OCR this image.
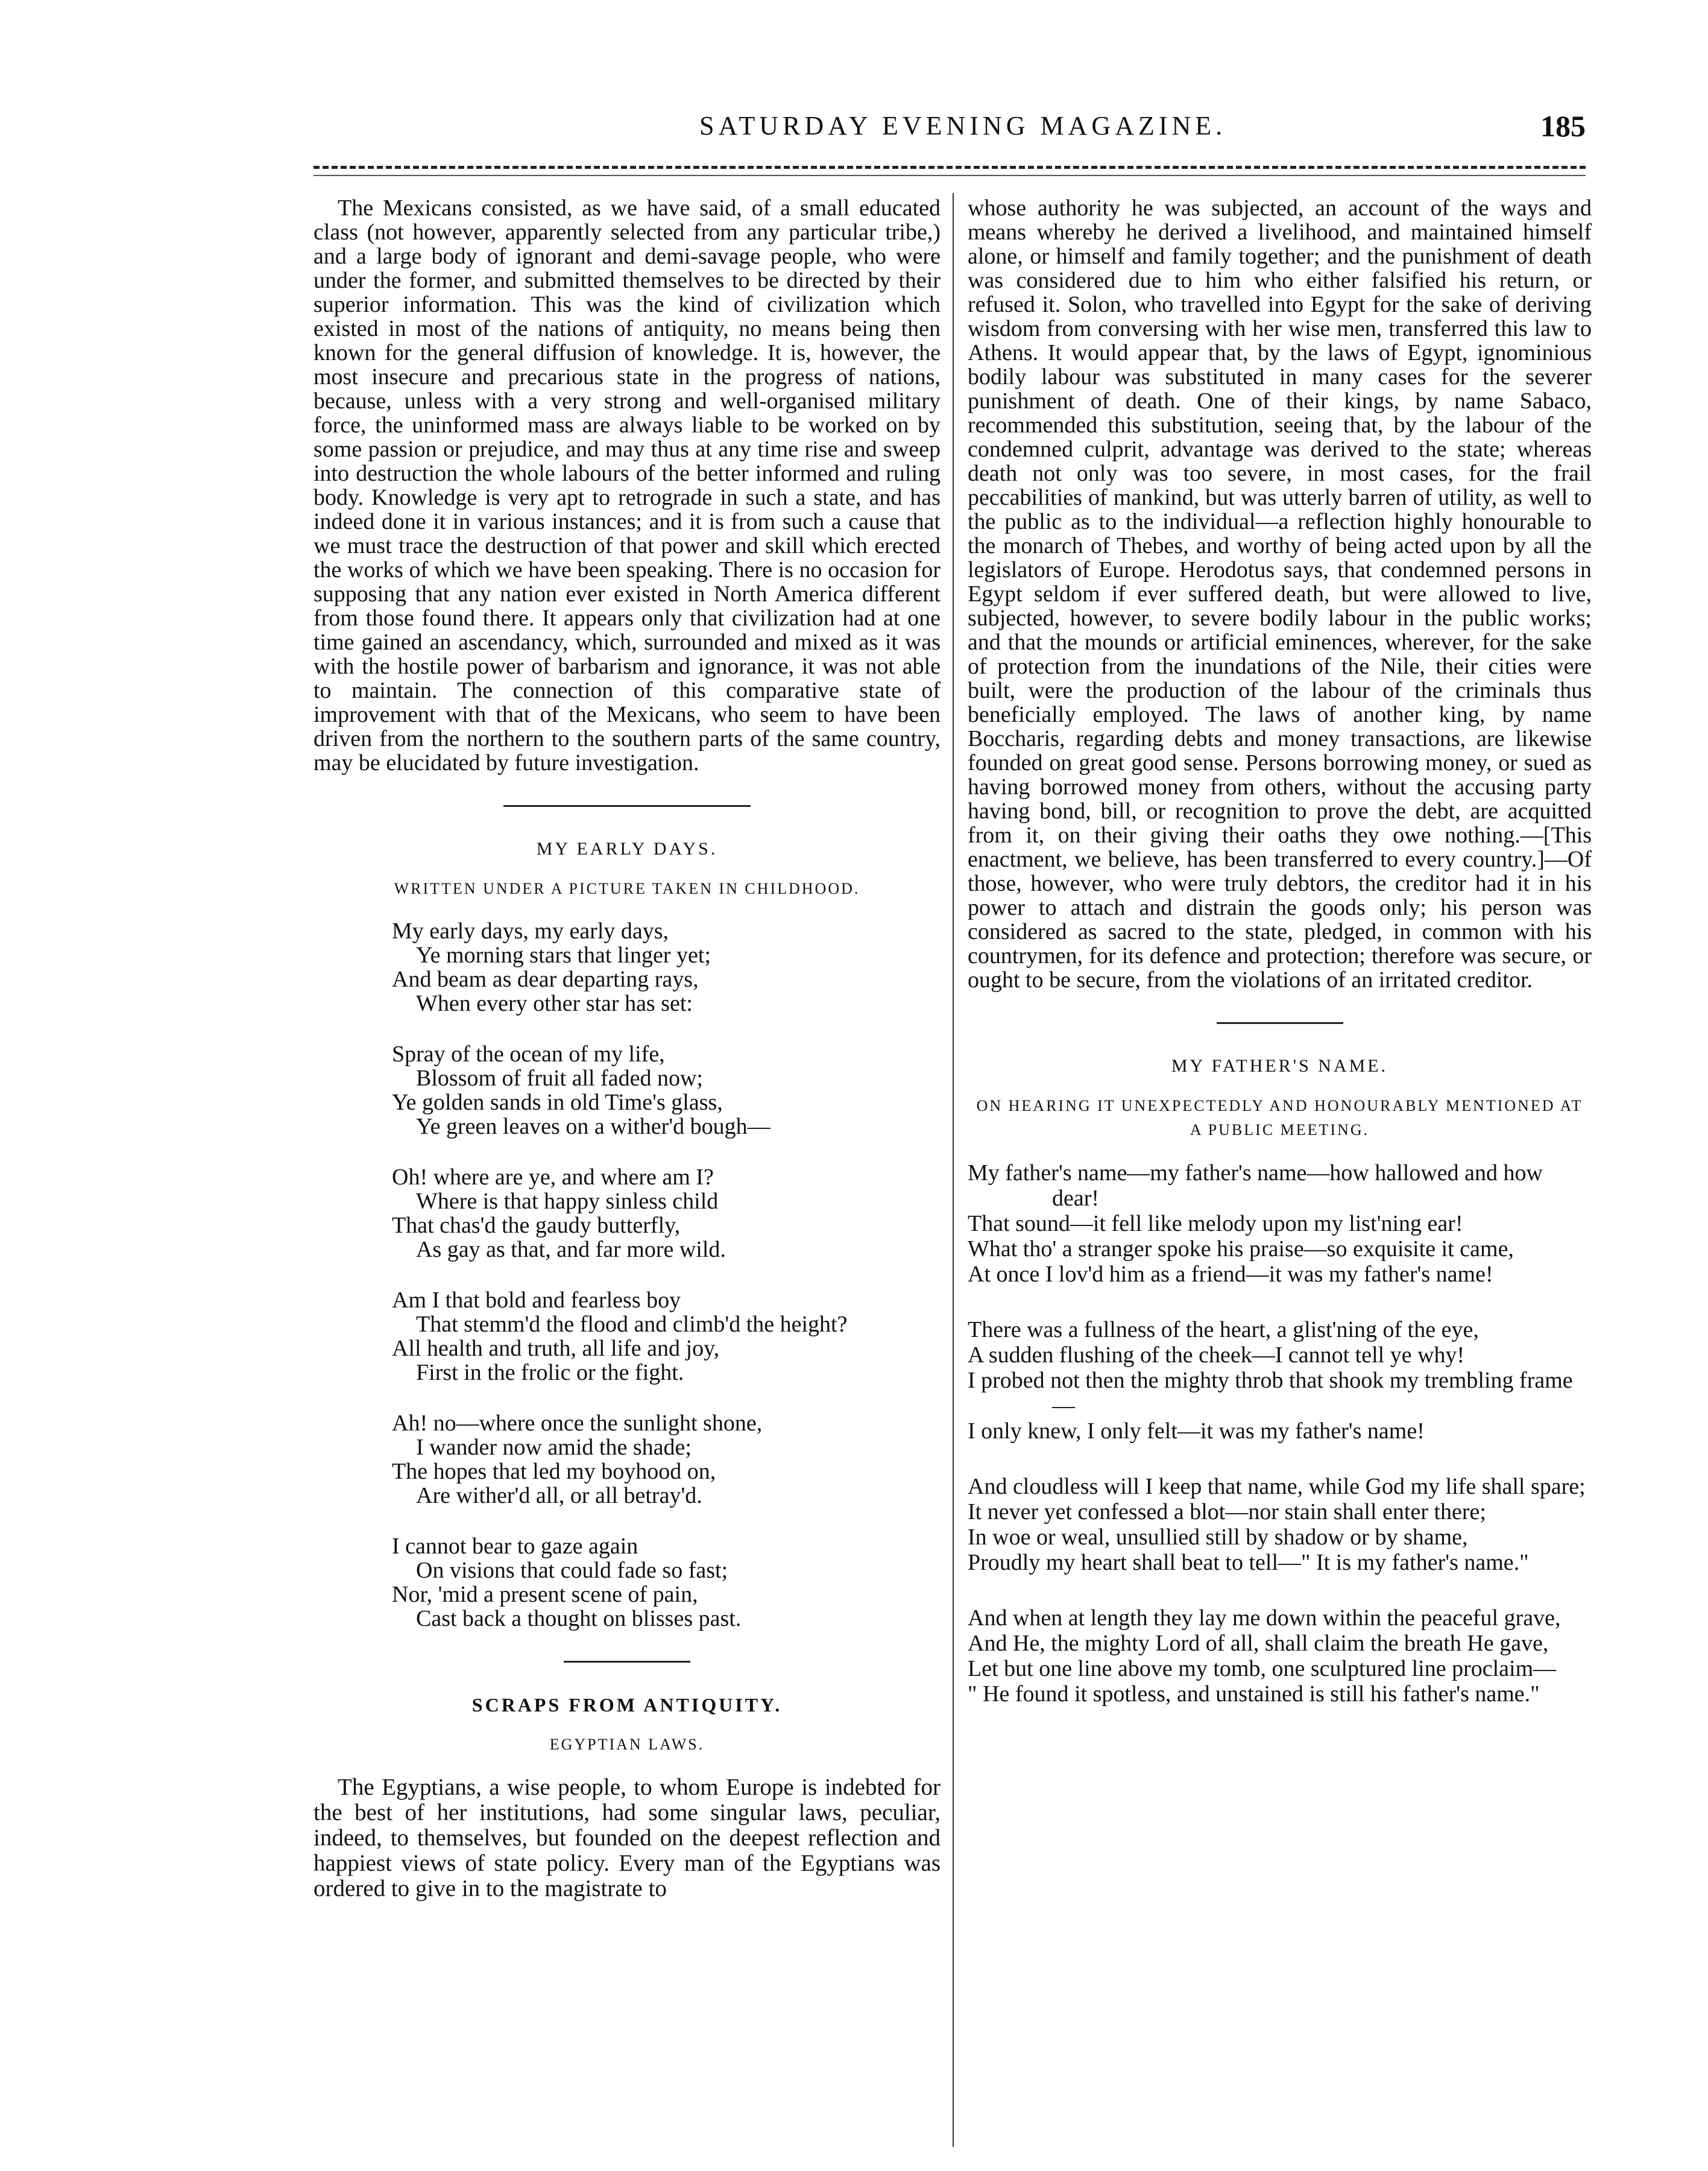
SATURDAY EVENING MAGAZINE.	185

The Mexicans consisted, as we have said, of a small educated class (not however, apparently selected from any particular tribe,) and a large body of ignorant and demi-savage people, who were under the former, and submitted themselves to be directed by their superior information. This was the kind of civilization which existed in most of the nations of antiquity, no means being then known for the general diffusion of knowledge. It is, however, the most insecure and precarious state in the progress of nations, because, unless with a very strong and well-organised military force, the uninformed mass are always liable to be worked on by some passion or prejudice, and may thus at any time rise and sweep into destruction the whole labours of the better informed and ruling body. Knowledge is very apt to retrograde in such a state, and has indeed done it in various instances; and it is from such a cause that we must trace the destruction of that power and skill which erected the works of which we have been speaking. There is no occasion for supposing that any nation ever existed in North America different from those found there. It appears only that civilization had at one time gained an ascendancy, which, surrounded and mixed as it was with the hostile power of barbarism and ignorance, it was not able to maintain. The connection of this comparative state of improvement with that of the Mexicans, who seem to have been driven from the northern to the southern parts of the same country, may be elucidated by future investigation.

MY EARLY DAYS.
WRITTEN UNDER A PICTURE TAKEN IN CHILDHOOD.
My early days, my early days,
Ye morning stars that linger yet;
And beam as dear departing rays,
When every other star has set:
Spray of the ocean of my life,
Blossom of fruit all faded now;
Ye golden sands in old Time's glass,
Ye green leaves on a wither'd bough—
Oh! where are ye, and where am I?
Where is that happy sinless child
That chas'd the gaudy butterfly,
As gay as that, and far more wild.
Am I that bold and fearless boy
That stemm'd the flood and climb'd the height?
All health and truth, all life and joy,
First in the frolic or the fight.
Ah! no—where once the sunlight shone,
I wander now amid the shade;
The hopes that led my boyhood on,
Are wither'd all, or all betray'd.
I cannot bear to gaze again
On visions that could fade so fast;
Nor, 'mid a present scene of pain,
Cast back a thought on blisses past.
SCRAPS FROM ANTIQUITY.
EGYPTIAN LAWS.

The Egyptians, a wise people, to whom Europe is indebted for the best of her institutions, had some singular laws, peculiar, indeed, to themselves, but founded on the deepest reflection and happiest views of state policy. Every man of the Egyptians was ordered to give in to the magistrate to

whose authority he was subjected, an account of the ways and means whereby he derived a livelihood, and maintained himself alone, or himself and family together; and the punishment of death was considered due to him who either falsified his return, or refused it. Solon, who travelled into Egypt for the sake of deriving wisdom from conversing with her wise men, transferred this law to Athens. It would appear that, by the laws of Egypt, ignominious bodily labour was substituted in many cases for the severer punishment of death. One of their kings, by name Sabaco, recommended this substitution, seeing that, by the labour of the condemned culprit, advantage was derived to the state; whereas death not only was too severe, in most cases, for the frail peccabilities of mankind, but was utterly barren of utility, as well to the public as to the individual—a reflection highly honourable to the monarch of Thebes, and worthy of being acted upon by all the legislators of Europe. Herodotus says, that condemned persons in Egypt seldom if ever suffered death, but were allowed to live, subjected, however, to severe bodily labour in the public works; and that the mounds or artificial eminences, wherever, for the sake of protection from the inundations of the Nile, their cities were built, were the production of the labour of the criminals thus beneficially employed. The laws of another king, by name Boccharis, regarding debts and money transactions, are likewise founded on great good sense. Persons borrowing money, or sued as having borrowed money from others, without the accusing party having bond, bill, or recognition to prove the debt, are acquitted from it, on their giving their oaths they owe nothing.—[This enactment, we believe, has been transferred to every country.]—Of those, however, who were truly debtors, the creditor had it in his power to attach and distrain the goods only; his person was considered as sacred to the state, pledged, in common with his countrymen, for its defence and protection; therefore was secure, or ought to be secure, from the violations of an irritated creditor.

MY FATHER'S NAME.
ON HEARING IT UNEXPECTEDLY AND HONOURABLY MENTIONED AT A PUBLIC MEETING.
My father's name—my father's name—how hallowed and how dear!
That sound—it fell like melody upon my list'ning ear!
What tho' a stranger spoke his praise—so exquisite it came,
At once I lov'd him as a friend—it was my father's name!
There was a fullness of the heart, a glist'ning of the eye,
A sudden flushing of the cheek—I cannot tell ye why!
I probed not then the mighty throb that shook my trembling frame—
I only knew, I only felt—it was my father's name!
And cloudless will I keep that name, while God my life shall spare;
It never yet confessed a blot—nor stain shall enter there;
In woe or weal, unsullied still by shadow or by shame,
Proudly my heart shall beat to tell—" It is my father's name."
And when at length they lay me down within the peaceful grave,
And He, the mighty Lord of all, shall claim the breath He gave,
Let but one line above my tomb, one sculptured line proclaim—
" He found it spotless, and unstained is still his father's name."
